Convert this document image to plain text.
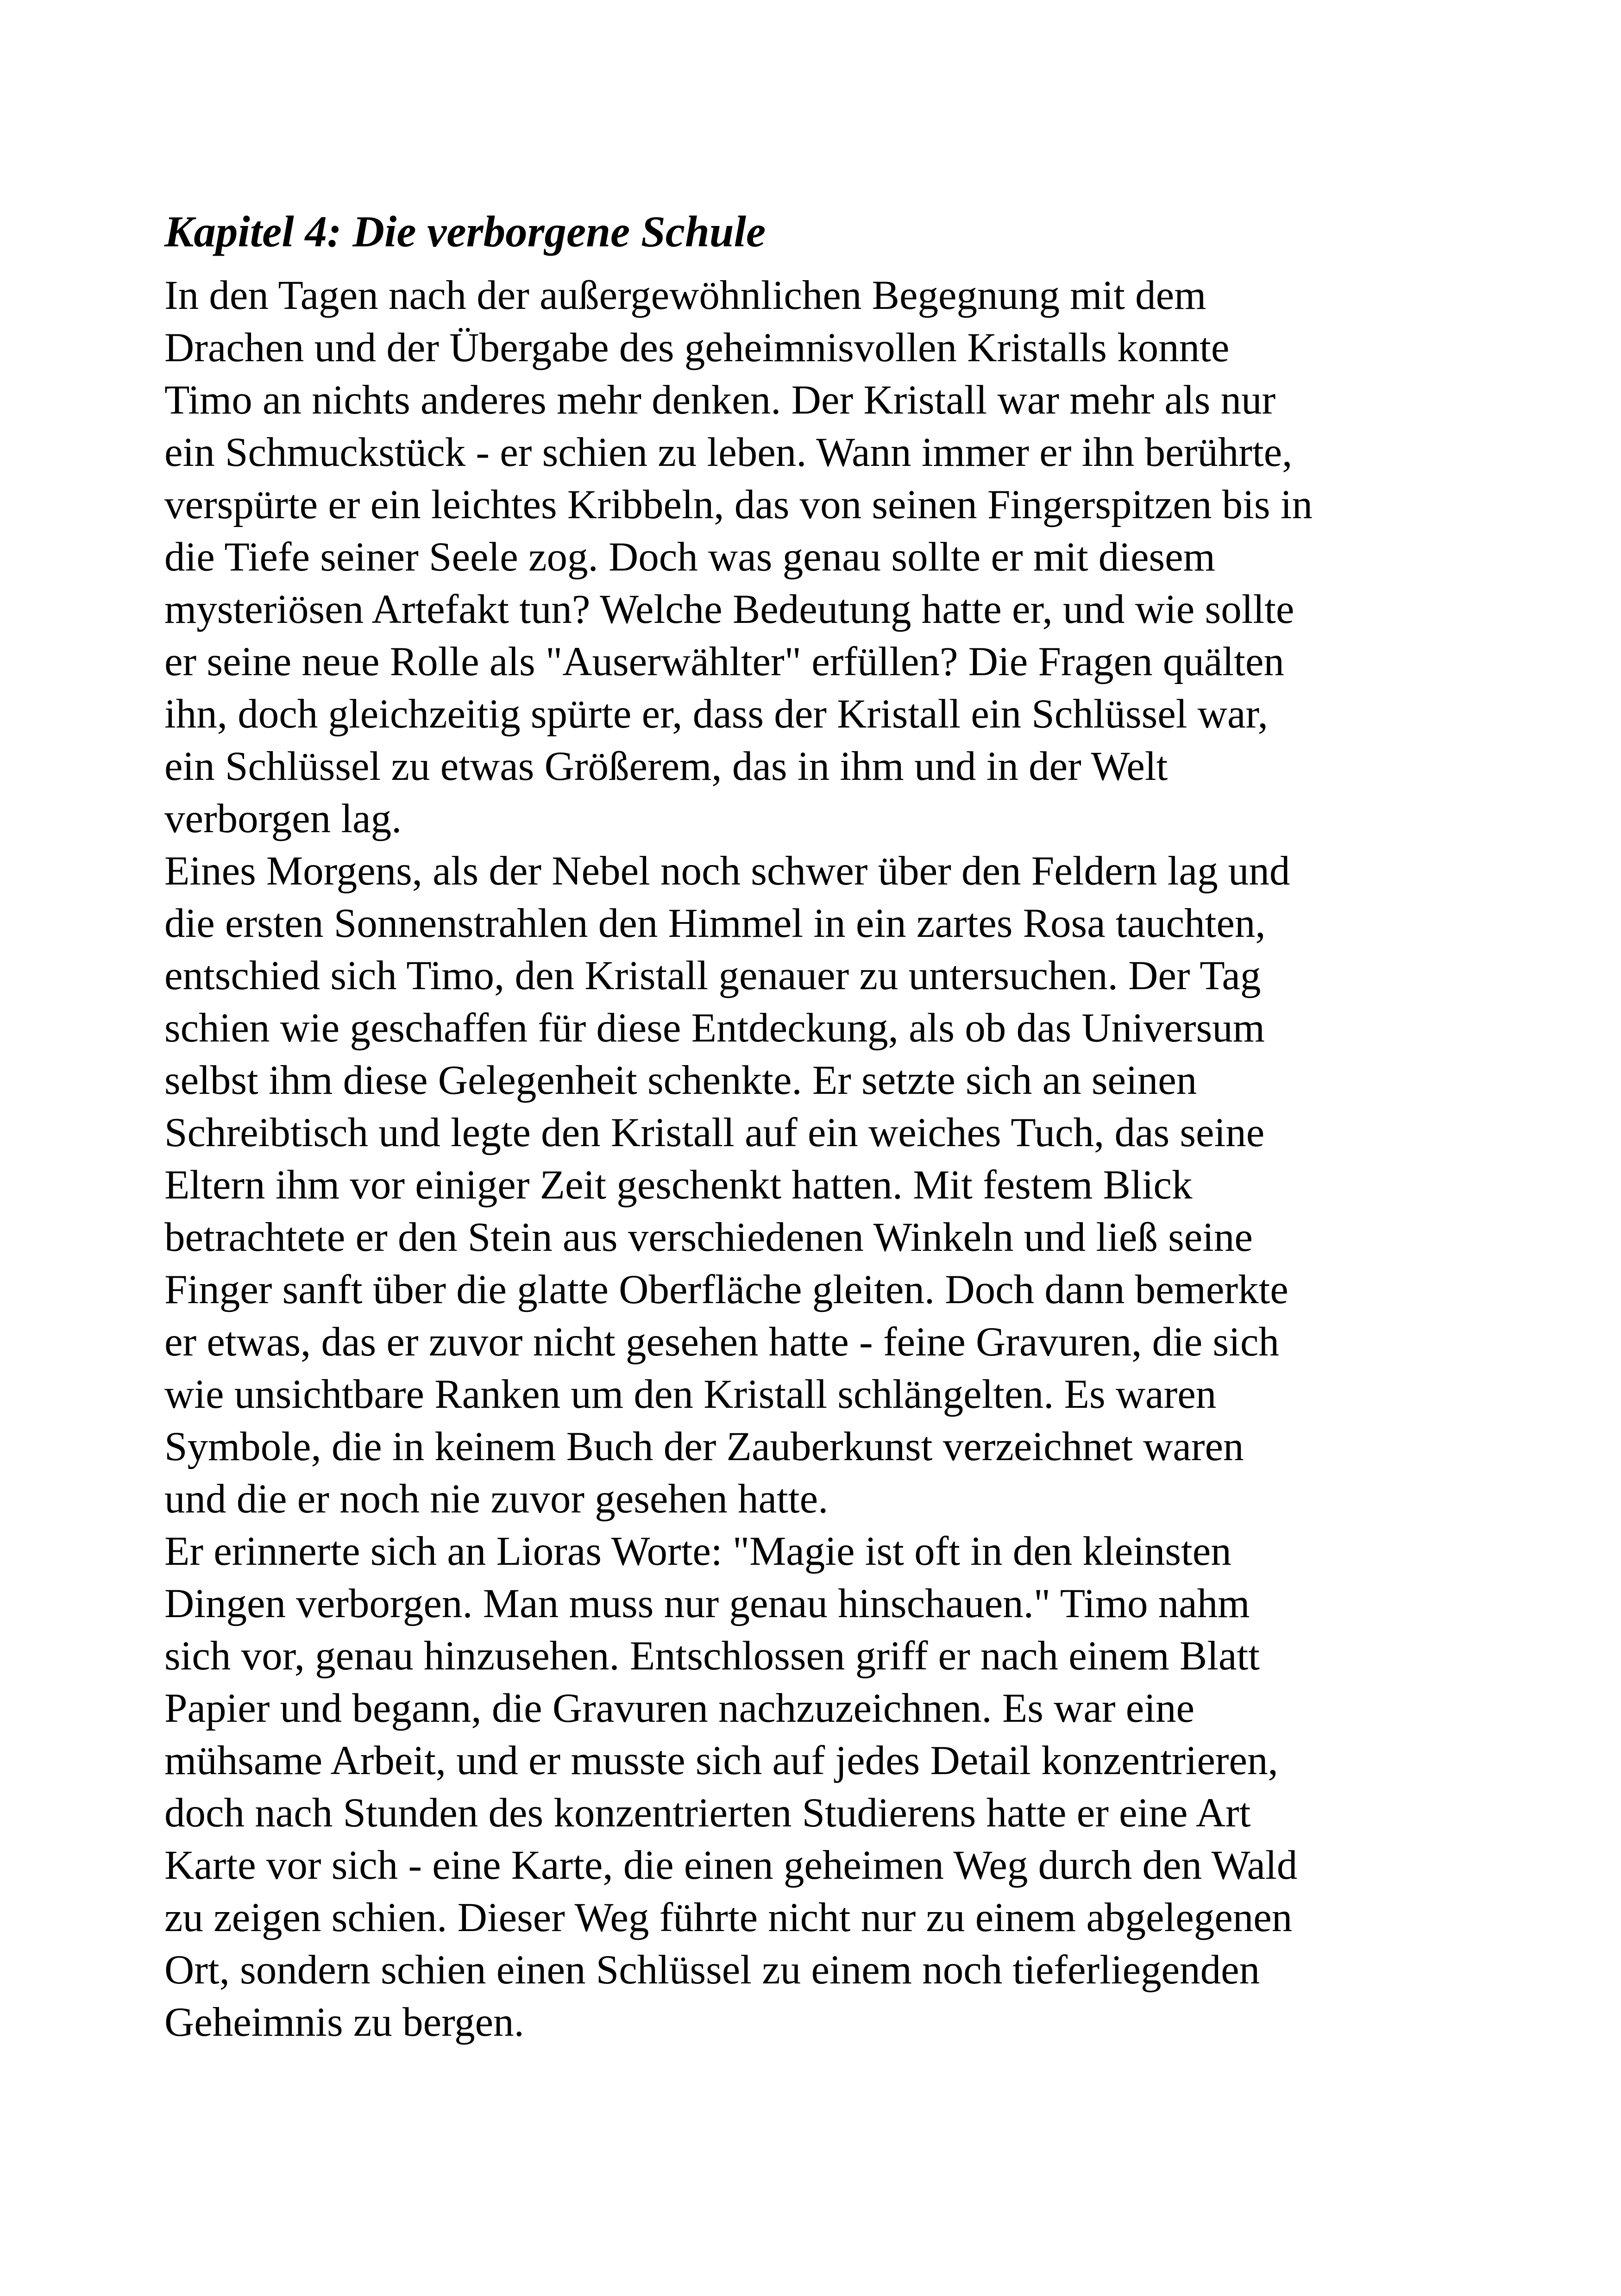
Kapitel 4: Die verborgene Schule

In den Tagen nach der außergewöhnlichen Begegnung mit dem
Drachen und der Übergabe des geheimnisvollen Kristalls konnte
Timo an nichts anderes mehr denken. Der Kristall war mehr als nur
ein Schmuckstück - er schien zu leben. Wann immer er ihn berührte,
verspürte er ein leichtes Kribbeln, das von seinen Fingerspitzen bis in
die Tiefe seiner Seele zog. Doch was genau sollte er mit diesem
mysteriösen Artefakt tun? Welche Bedeutung hatte er, und wie sollte
er seine neue Rolle als "Auserwählter" erfüllen? Die Fragen quälten
ihn, doch gleichzeitig spürte er, dass der Kristall ein Schlüssel war,
ein Schlüssel zu etwas Größerem, das in ihm und in der Welt
verborgen lag.

Eines Morgens, als der Nebel noch schwer über den Feldern lag und
die ersten Sonnenstrahlen den Himmel in ein zartes Rosa tauchten,
entschied sich Timo, den Kristall genauer zu untersuchen. Der Tag
schien wie geschaffen für diese Entdeckung, als ob das Universum
selbst ihm diese Gelegenheit schenkte. Er setzte sich an seinen
Schreibtisch und legte den Kristall auf ein weiches Tuch, das seine
Eltern ihm vor einiger Zeit geschenkt hatten. Mit festem Blick
betrachtete er den Stein aus verschiedenen Winkeln und ließ seine
Finger sanft über die glatte Oberfläche gleiten. Doch dann bemerkte
er etwas, das er zuvor nicht gesehen hatte - feine Gravuren, die sich
wie unsichtbare Ranken um den Kristall schlängelten. Es waren
Symbole, die in keinem Buch der Zauberkunst verzeichnet waren
und die er noch nie zuvor gesehen hatte.

Er erinnerte sich an Lioras Worte: "Magie ist oft in den kleinsten
Dingen verborgen. Man muss nur genau hinschauen." Timo nahm
sich vor, genau hinzusehen. Entschlossen griff er nach einem Blatt
Papier und begann, die Gravuren nachzuzeichnen. Es war eine
mühsame Arbeit, und er musste sich auf jedes Detail konzentrieren,
doch nach Stunden des konzentrierten Studierens hatte er eine Art
Karte vor sich - eine Karte, die einen geheimen Weg durch den Wald
zu zeigen schien. Dieser Weg führte nicht nur zu einem abgelegenen
Ort, sondern schien einen Schlüssel zu einem noch tieferliegenden
Geheimnis zu bergen.
